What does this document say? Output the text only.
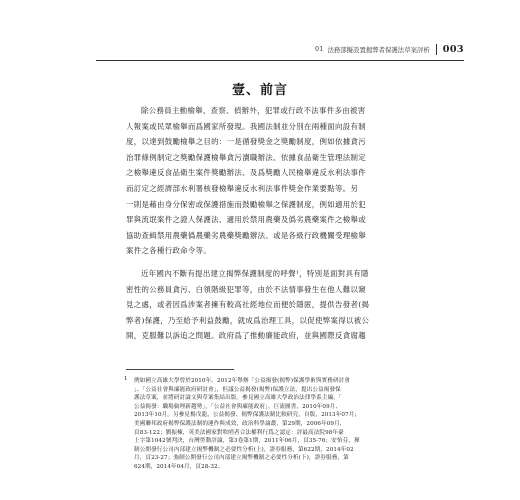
01 法務部擬設置揭弊者保護法草案評析 003
壹、前言

除公務員主動檢舉、查察、偵辦外，犯罪或行政不法事件多由被害

人報案或民眾檢舉而爲國家所發現。我國法制並分別在兩種面向設有制

度，以達到鼓勵檢舉之目的：一是循發獎金之獎勵制度，例如依據貪污

治罪條例制定之獎勵保護檢舉貪污瀆職辦法、依據食品衛生管理法制定

之檢舉違反食品衛生案件獎勵辦法、及爲獎勵人民檢舉違反水利法事件

而訂定之經濟部水利署核發檢舉違反水利法事件獎金作業要點等。另

一則是藉由身分保密或保護措施而鼓勵檢舉之保護制度，例如適用於犯

罪與流氓案件之證人保護法、適用於禁用農藥及僞劣農藥案件之檢舉或

協助查緝禁用農藥僞農藥劣農藥獎勵辦法、或是各級行政機關受理檢舉

案件之各種行政命令等。

近年國內不斷有提出建立揭弊保護制度的呼聲¹，特別是面對具有隱

密性的公務員貪污、白領階級犯罪等，由於不法情事發生在他人難以窺

見之處，或者因爲涉案者擁有較高社經地位而便於隱匿，提供告發者(揭

弊者)保護，乃至給予利益鼓勵，就成爲治理工具，以促使弊案得以被公

開，克服難以訴追之問題。政府爲了推動廉能政府，並與國際反貪腐趨

1	例如國立高雄大學曾於2010年、2012年舉辦「公益揭發(揭弊)保護學術與實務研討會

」、「公益社會與廉能政府研討會」，但議公益揭發(揭弊)保護立法，提出公益揭發保

護法草案，並將研討論文與草案集結出版。參見國立高雄大學政治法律學系主編，「

公益揭發：職場倫理新趨勢」，「公益社會與廉能政府」，巨流圖書，2010年09月、

2013年10月。另參見楊戊龍，公益揭發、揭弊保護法制比較研究，自版，2013年07月；

美國聯邦政府揭弊保護法制的運作與成效，政治科學論叢，第29期，2006年09月，

頁83-122；劉振棟，英美法國家對吹哨者合法權利行爲之認定：評最高法院98年臺

上字第1042號判決，台灣勞動評論，第3卷第1期，2011年06月，頁35-76；安怡芬，揮

制公開發行公司內部建立揭弊機制之必要性分析(上)，證券服務，第622期，2014年02

月，頁23-27；強制公開發行公司內部建立揭弊機制之必要性分析(下)，證券服務，第

624期，2014年04月，頁28-32。
